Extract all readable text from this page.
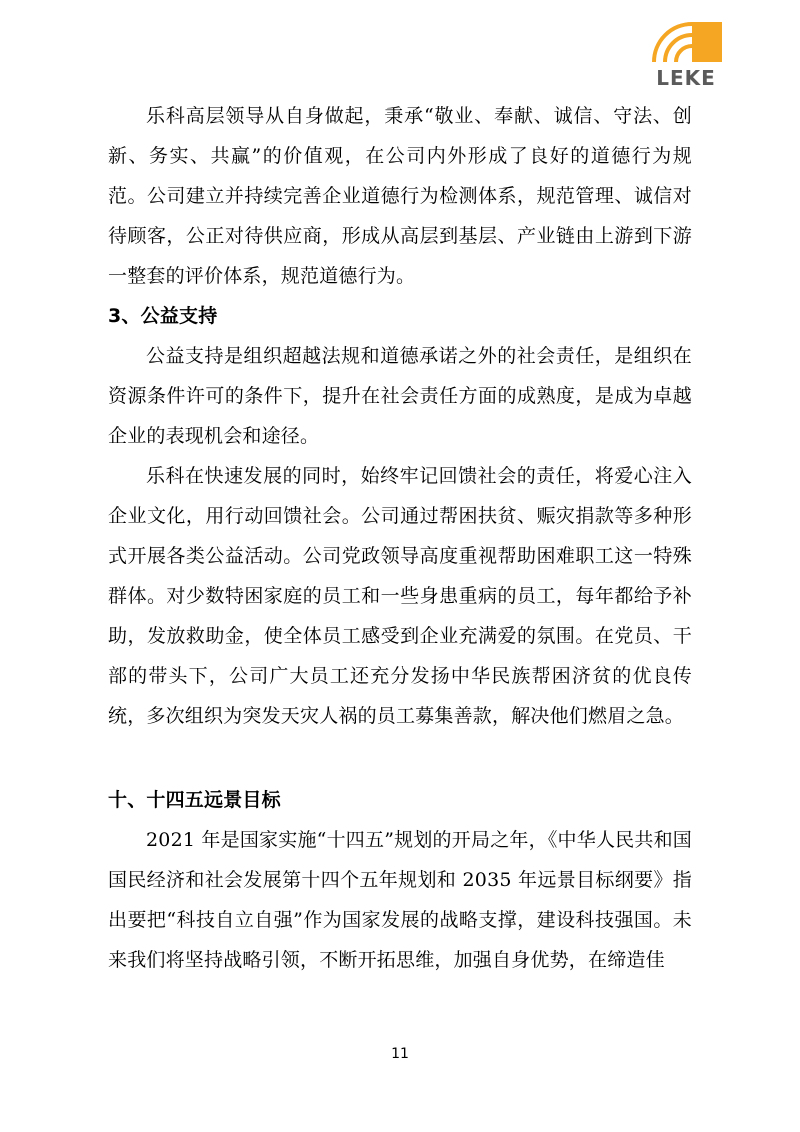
LEKE

乐科高层领导从自身做起，秉承“敬业、奉献、诚信、守法、创新、务实、共赢”的价值观，在公司内外形成了良好的道德行为规范。公司建立并持续完善企业道德行为检测体系，规范管理、诚信对待顾客，公正对待供应商，形成从高层到基层、产业链由上游到下游一整套的评价体系，规范道德行为。

3、公益支持

公益支持是组织超越法规和道德承诺之外的社会责任，是组织在资源条件许可的条件下，提升在社会责任方面的成熟度，是成为卓越企业的表现机会和途径。

乐科在快速发展的同时，始终牢记回馈社会的责任，将爱心注入企业文化，用行动回馈社会。公司通过帮困扶贫、赈灾捐款等多种形式开展各类公益活动。公司党政领导高度重视帮助困难职工这一特殊群体。对少数特困家庭的员工和一些身患重病的员工，每年都给予补助，发放救助金，使全体员工感受到企业充满爱的氛围。在党员、干部的带头下，公司广大员工还充分发扬中华民族帮困济贫的优良传统，多次组织为突发天灾人祸的员工募集善款，解决他们燃眉之急。

十、十四五远景目标

2021 年是国家实施“十四五”规划的开局之年，《中华人民共和国国民经济和社会发展第十四个五年规划和 2035 年远景目标纲要》指出要把“科技自立自强”作为国家发展的战略支撑，建设科技强国。未来我们将坚持战略引领，不断开拓思维，加强自身优势，在缔造佳

11
